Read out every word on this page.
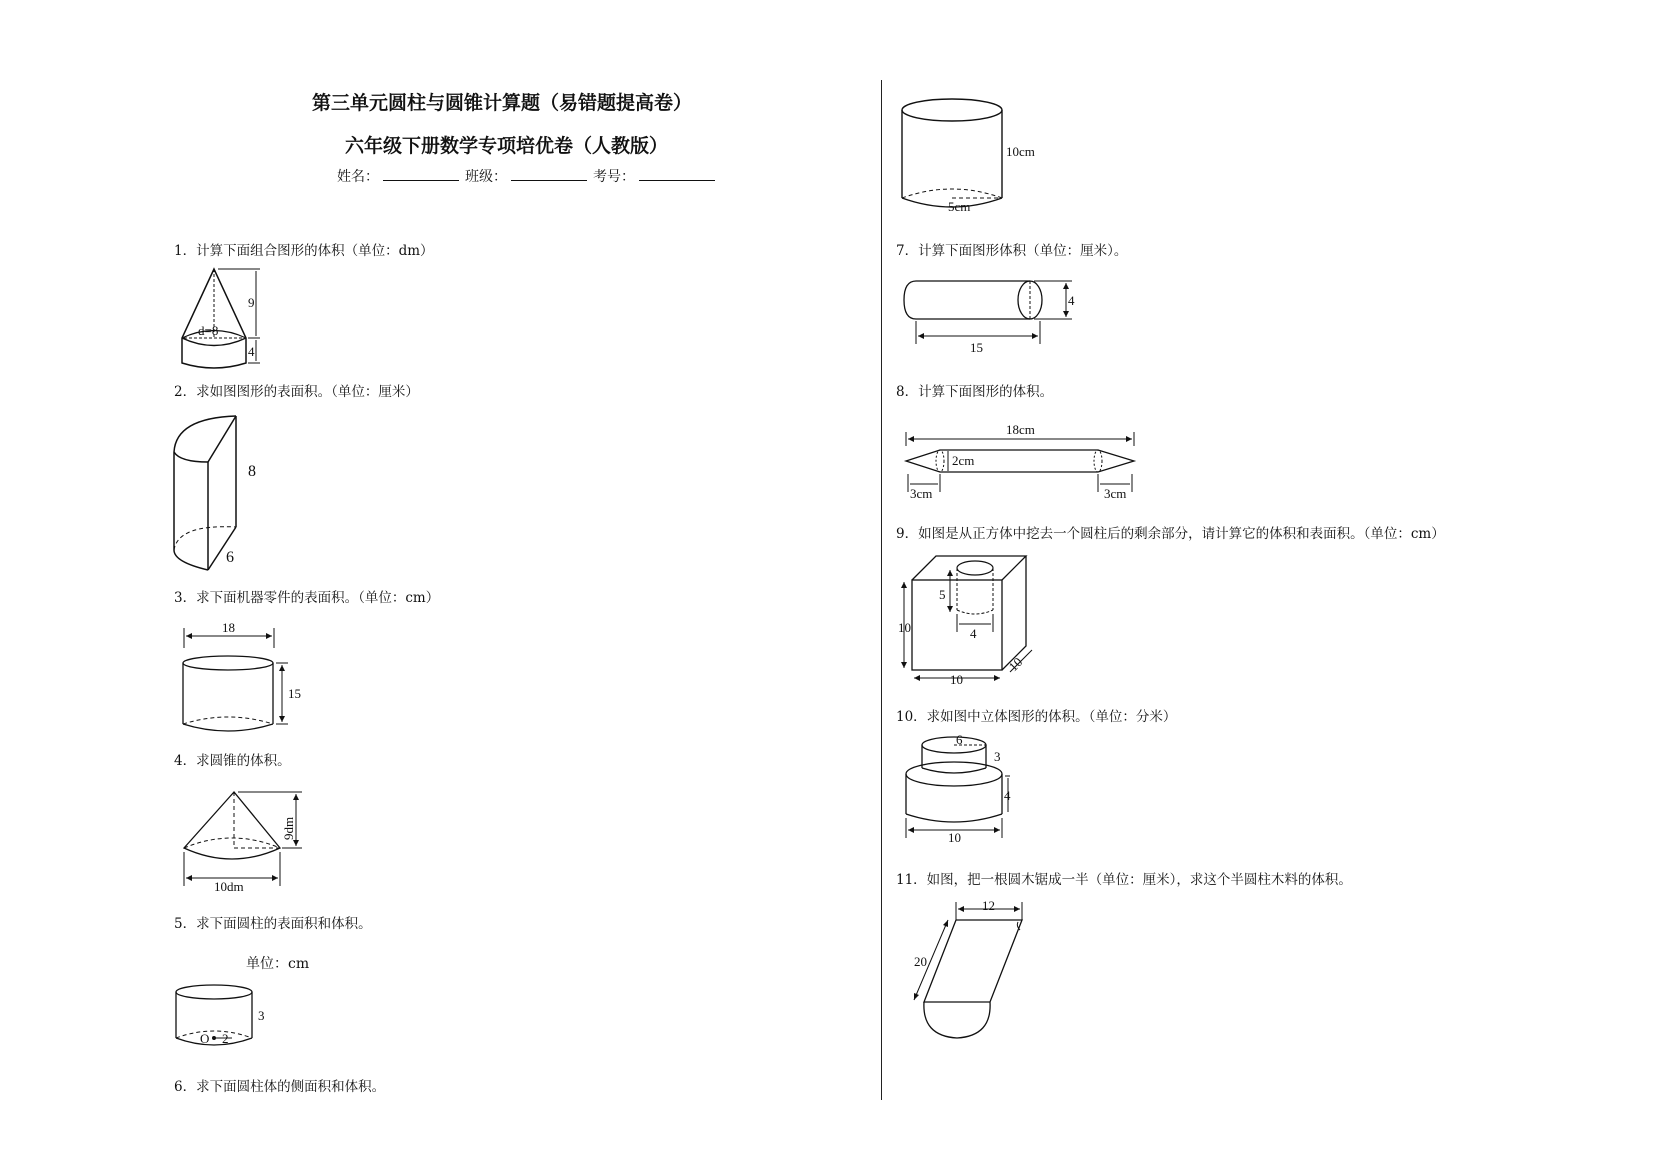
第三单元圆柱与圆锥计算题（易错题提高卷）
六年级下册数学专项培优卷（人教版）
姓名：	班级：	考号：
1．计算下面组合图形的体积（单位：dm）
9
4
d=8
2．求如图图形的表面积。（单位：厘米）
8
6
3．求下面机器零件的表面积。（单位：cm）
18
15
4．求圆锥的体积。
9dm
10dm
5．求下面圆柱的表面积和体积。
单位：cm
O 2
3
6．求下面圆柱体的侧面积和体积。
10cm
5cm
7．计算下面图形体积（单位：厘米）。
4
15
8．计算下面图形的体积。
18cm
2cm
3cm	3cm
9．如图是从正方体中挖去一个圆柱后的剩余部分，请计算它的体积和表面积。（单位：cm）
5
4
10
10
10
10．求如图中立体图形的体积。（单位：分米）
6
3
4
10
11．如图，把一根圆木锯成一半（单位：厘米），求这个半圆柱木料的体积。
12
20
